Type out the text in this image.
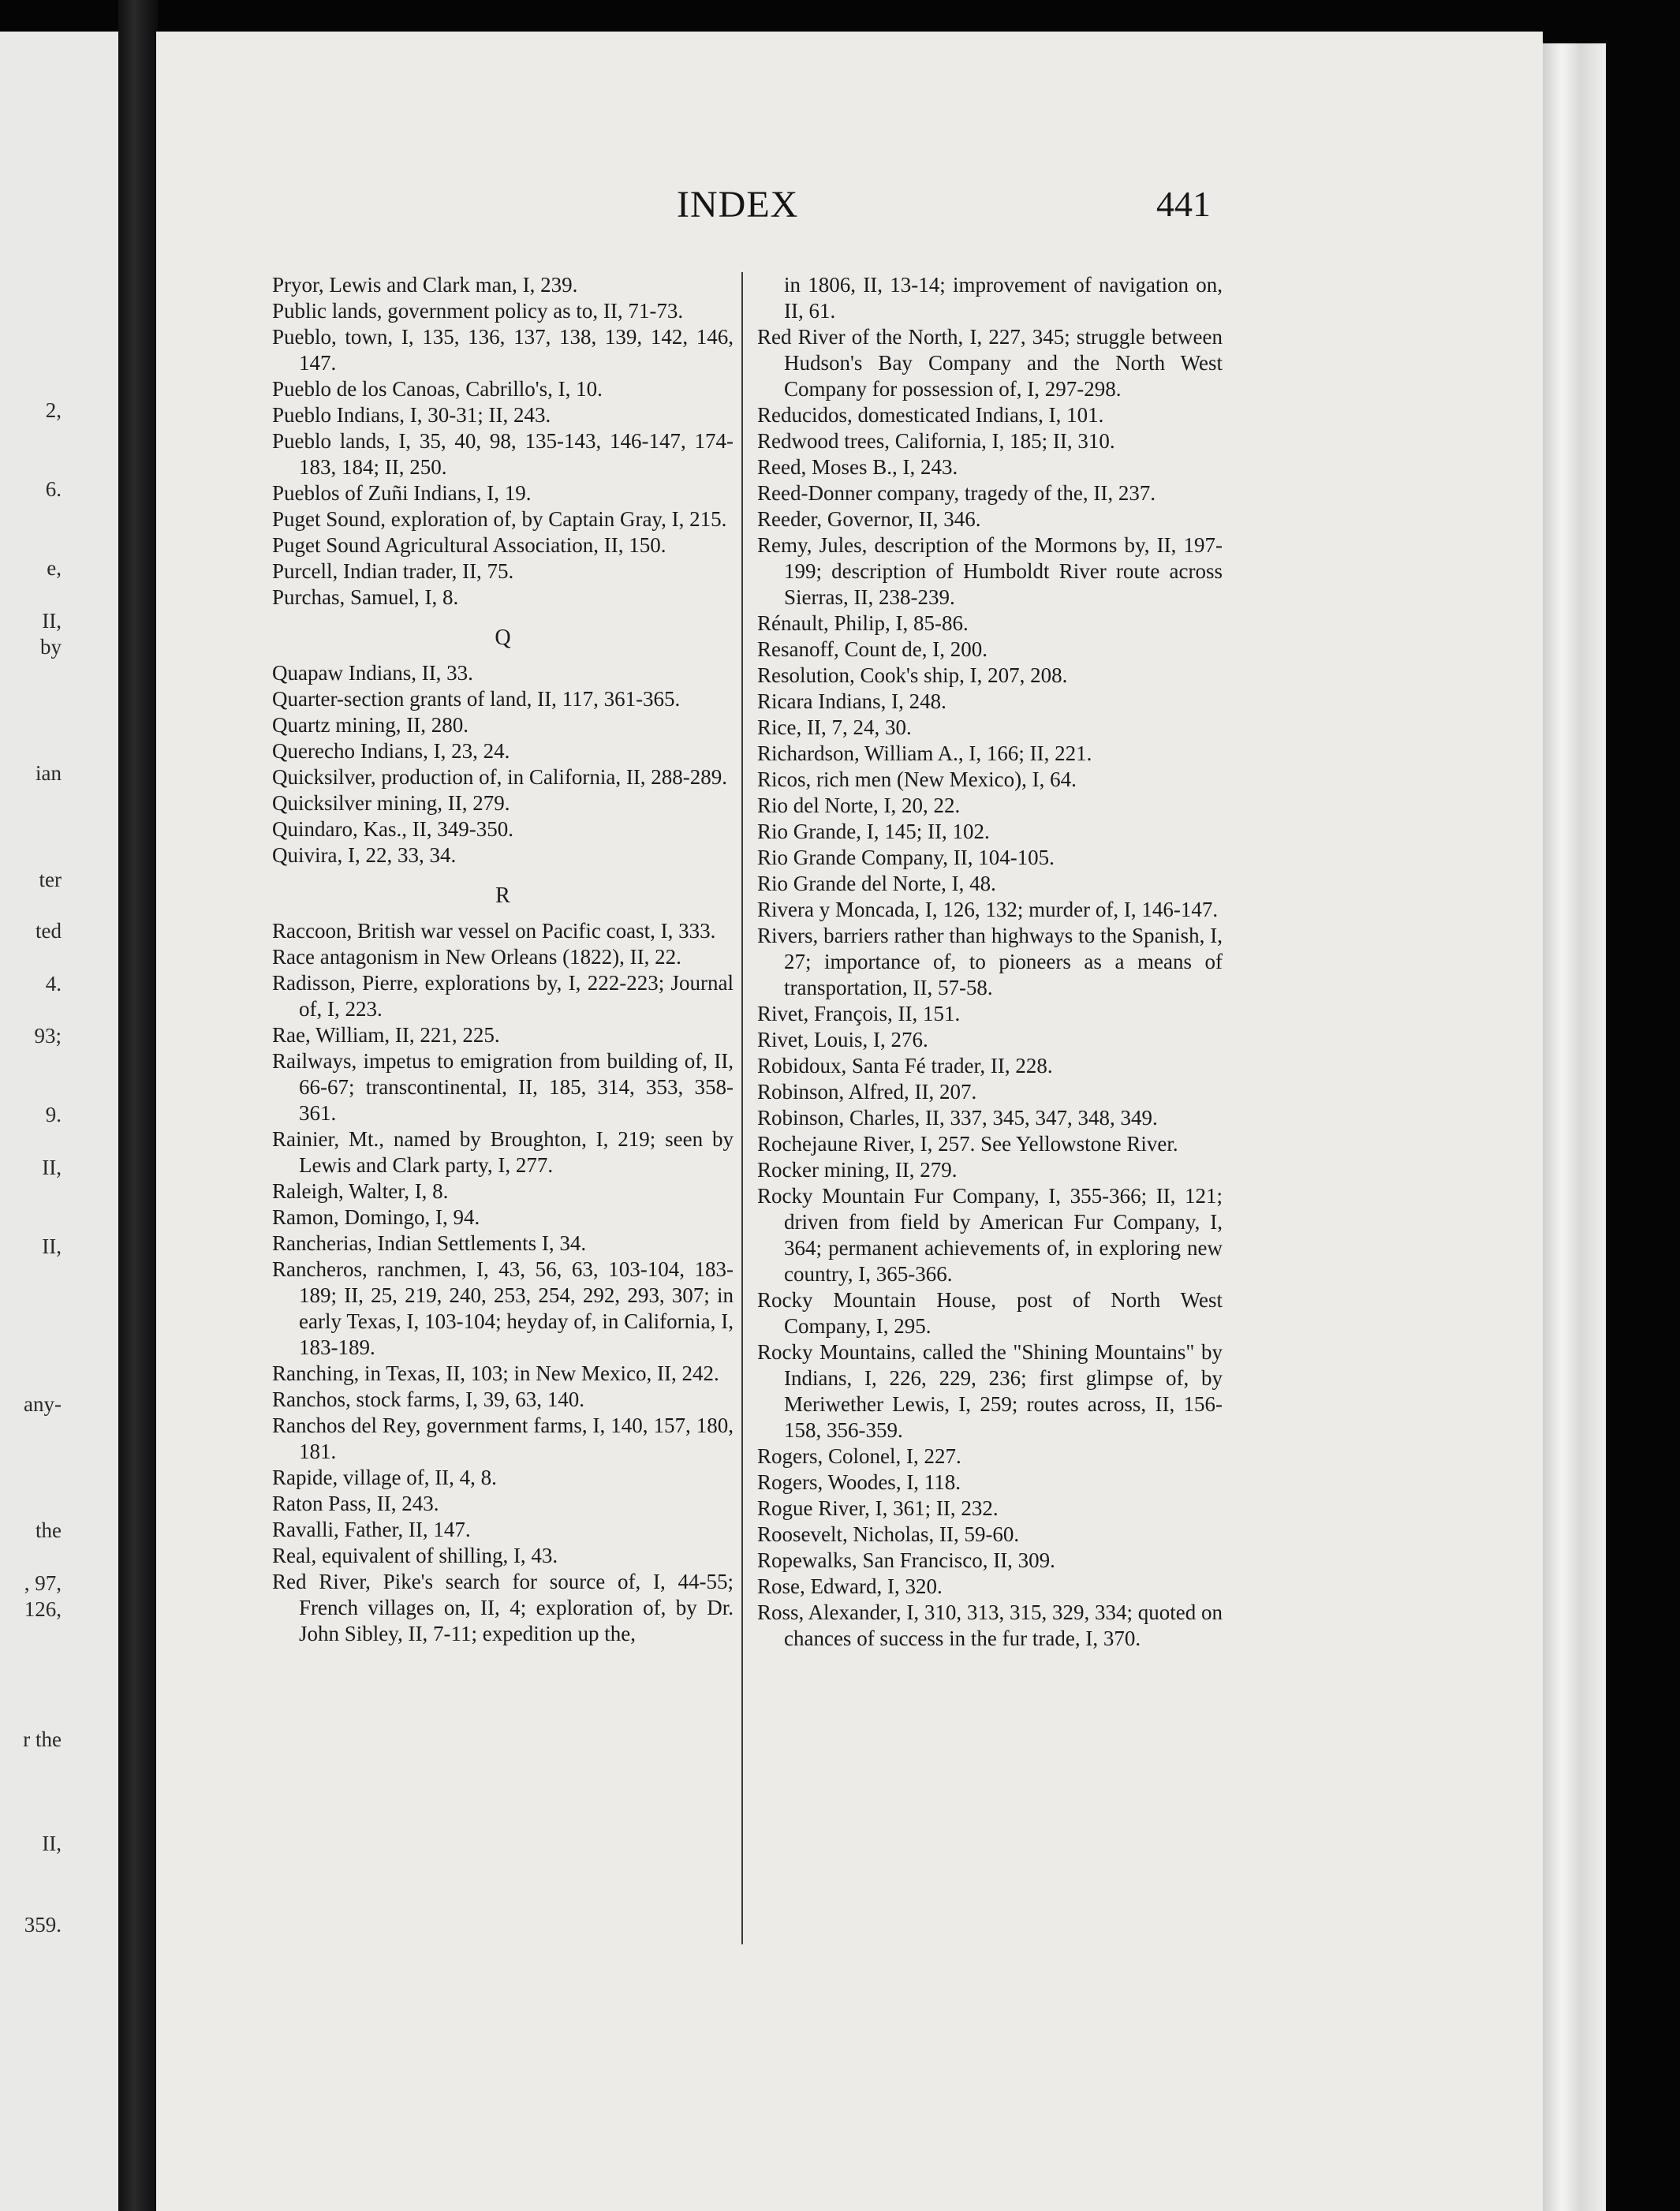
2,
6.
e,
II,
by
ian
ter
ted
4.
93;
9.
II,
II,
any-
the
, 97,
126,
r the
II,
359.
INDEX	441
Pryor, Lewis and Clark man, I, 239.
Public lands, government policy as to, II, 71-73.
Pueblo, town, I, 135, 136, 137, 138, 139, 142, 146, 147.
Pueblo de los Canoas, Cabrillo's, I, 10.
Pueblo Indians, I, 30-31; II, 243.
Pueblo lands, I, 35, 40, 98, 135-143, 146-147, 174-183, 184; II, 250.
Pueblos of Zuñi Indians, I, 19.
Puget Sound, exploration of, by Captain Gray, I, 215.
Puget Sound Agricultural Association, II, 150.
Purcell, Indian trader, II, 75.
Purchas, Samuel, I, 8.
Q
Quapaw Indians, II, 33.
Quarter-section grants of land, II, 117, 361-365.
Quartz mining, II, 280.
Querecho Indians, I, 23, 24.
Quicksilver, production of, in California, II, 288-289.
Quicksilver mining, II, 279.
Quindaro, Kas., II, 349-350.
Quivira, I, 22, 33, 34.
R
Raccoon, British war vessel on Pacific coast, I, 333.
Race antagonism in New Orleans (1822), II, 22.
Radisson, Pierre, explorations by, I, 222-223; Journal of, I, 223.
Rae, William, II, 221, 225.
Railways, impetus to emigration from building of, II, 66-67; transcontinental, II, 185, 314, 353, 358-361.
Rainier, Mt., named by Broughton, I, 219; seen by Lewis and Clark party, I, 277.
Raleigh, Walter, I, 8.
Ramon, Domingo, I, 94.
Rancherias, Indian Settlements I, 34.
Rancheros, ranchmen, I, 43, 56, 63, 103-104, 183-189; II, 25, 219, 240, 253, 254, 292, 293, 307; in early Texas, I, 103-104; heyday of, in California, I, 183-189.
Ranching, in Texas, II, 103; in New Mexico, II, 242.
Ranchos, stock farms, I, 39, 63, 140.
Ranchos del Rey, government farms, I, 140, 157, 180, 181.
Rapide, village of, II, 4, 8.
Raton Pass, II, 243.
Ravalli, Father, II, 147.
Real, equivalent of shilling, I, 43.
Red River, Pike's search for source of, I, 44-55; French villages on, II, 4; exploration of, by Dr. John Sibley, II, 7-11; expedition up the,
in 1806, II, 13-14; improvement of navigation on, II, 61.
Red River of the North, I, 227, 345; struggle between Hudson's Bay Company and the North West Company for possession of, I, 297-298.
Reducidos, domesticated Indians, I, 101.
Redwood trees, California, I, 185; II, 310.
Reed, Moses B., I, 243.
Reed-Donner company, tragedy of the, II, 237.
Reeder, Governor, II, 346.
Remy, Jules, description of the Mormons by, II, 197-199; description of Humboldt River route across Sierras, II, 238-239.
Rénault, Philip, I, 85-86.
Resanoff, Count de, I, 200.
Resolution, Cook's ship, I, 207, 208.
Ricara Indians, I, 248.
Rice, II, 7, 24, 30.
Richardson, William A., I, 166; II, 221.
Ricos, rich men (New Mexico), I, 64.
Rio del Norte, I, 20, 22.
Rio Grande, I, 145; II, 102.
Rio Grande Company, II, 104-105.
Rio Grande del Norte, I, 48.
Rivera y Moncada, I, 126, 132; murder of, I, 146-147.
Rivers, barriers rather than highways to the Spanish, I, 27; importance of, to pioneers as a means of transportation, II, 57-58.
Rivet, François, II, 151.
Rivet, Louis, I, 276.
Robidoux, Santa Fé trader, II, 228.
Robinson, Alfred, II, 207.
Robinson, Charles, II, 337, 345, 347, 348, 349.
Rochejaune River, I, 257. See Yellowstone River.
Rocker mining, II, 279.
Rocky Mountain Fur Company, I, 355-366; II, 121; driven from field by American Fur Company, I, 364; permanent achievements of, in exploring new country, I, 365-366.
Rocky Mountain House, post of North West Company, I, 295.
Rocky Mountains, called the "Shining Mountains" by Indians, I, 226, 229, 236; first glimpse of, by Meriwether Lewis, I, 259; routes across, II, 156-158, 356-359.
Rogers, Colonel, I, 227.
Rogers, Woodes, I, 118.
Rogue River, I, 361; II, 232.
Roosevelt, Nicholas, II, 59-60.
Ropewalks, San Francisco, II, 309.
Rose, Edward, I, 320.
Ross, Alexander, I, 310, 313, 315, 329, 334; quoted on chances of success in the fur trade, I, 370.
